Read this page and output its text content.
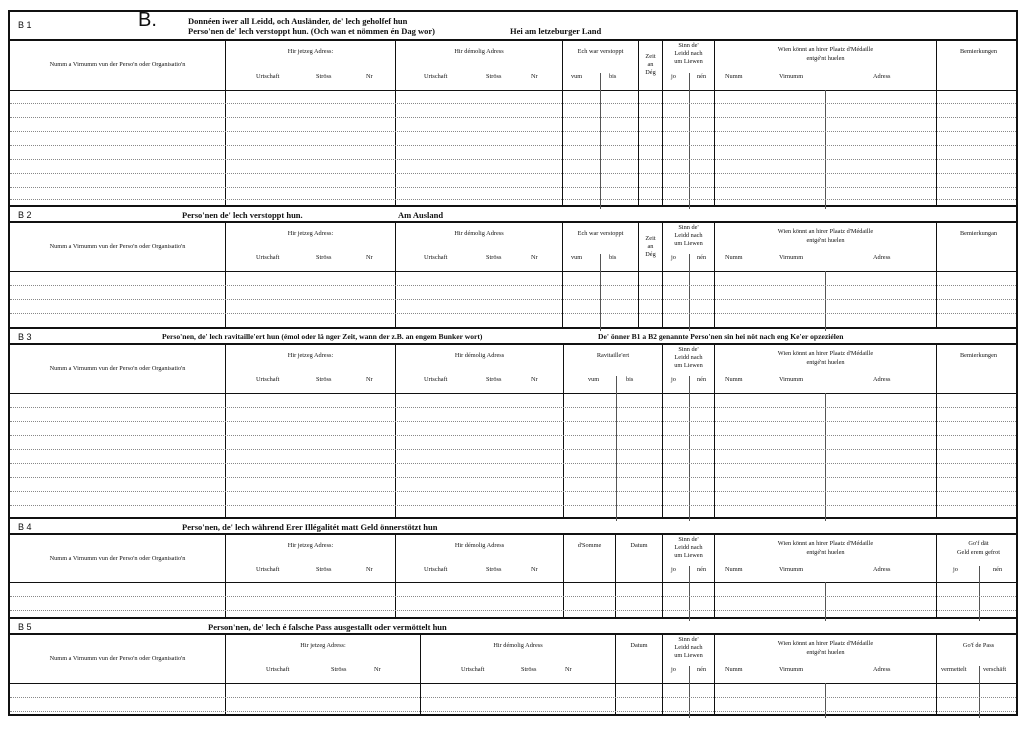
B 1	B.	Donnéen iwer all Leidd, och Ausländer, de' lech geholfef hun
Perso'nen de' lech verstoppt hun. (Och wan et nömmen én Dag wor)	Hei am letzeburger Land
Numm a Virnumm vun der Perso'n oder Organisatio'n
Hir jetzeg Adress:
Urtschaft	Ströss	Nr
Hir démolig Adress
Urtschaft	Ströss	Nr
Ech war verstoppt
vum	bis
Zeit
an
Dég
Sinn de'
Leidd nach
um Liewen
jo	nén
Wien könnt an hirer Plaatz d'Médaille
entgé'nt huelen
Numm	Virnumm	Adress
Bemierkungen
B 2	Perso'nen de' lech verstoppt hun.	Am Ausland
Numm a Virnumm vun der Perso'n oder Organisatio'n
Hir jetzeg Adress:
Urtschaft	Ströss	Nr
Hir démolig Adress
Urtschaft	Ströss	Nr
Ech war verstoppt
vum	bis
Zeit
an
Dég
Sinn de'
Leidd nach
um Liewen
jo	nén
Wien könnt an hirer Plaatz d'Médaille
entgé'nt huelen
Numm	Virnumm	Adress
Bemierkungan
B 3	Perso'nen, de' lech ravitaille'ert hun (émol oder lä nger Zeit, wann der z.B. an engem Bunker wort)	De' önner B1 a B2 genannte Perso'nen sin hei nöt nach eng Ke'er opzeziélen
Numm a Virnumm vun der Perso'n oder Organisatio'n
Hir jetzeg Adress:
Urtschaft	Ströss	Nr
Hir démolig Adress
Urtschaft	Ströss	Nr
Ravitaille'ert
vum	bis
Sinn de'
Leidd nach
um Liewen
jo	nén
Wien könnt an hirer Plaatz d'Médaille
entgé'nt huelen
Numm	Virnumm	Adress
Bemierkungen
B 4	Perso'nen, de' lech während Erer Illégalitét matt Geld önnerstötzt hun
Numm a Virnumm vun der Perso'n oder Organisatio'n
Hir jetzeg Adress:
Urtschaft	Ströss	Nr
Hir démolig Adress
Urtschaft	Ströss	Nr
d'Somme	Datum
Sinn de'
Leidd nach
um Liewen
jo	nén
Wien könnt an hirer Plaatz d'Médaille
entgé'nt huelen
Numm	Virnumm	Adress
Go'f dät
Geld erem gefrot
jo	nén
B 5	Person'nen, de' lech é falsche Pass ausgestallt oder vermöttelt hun
Numm a Virnumm vun der Perso'n oder Organisatio'n
Hir jetzeg Adress:
Urtschaft	Ströss	Nr
Hir démolig Adress
Urtschaft	Ströss	Nr
Datum
Sinn de'
Leidd nach
um Liewen
jo	nén
Wien könnt an hirer Plaatz d'Médaille
entgé'nt huelen
Numm	Virnumm	Adress
Go'f de Pass
vermettelt	verschäft
